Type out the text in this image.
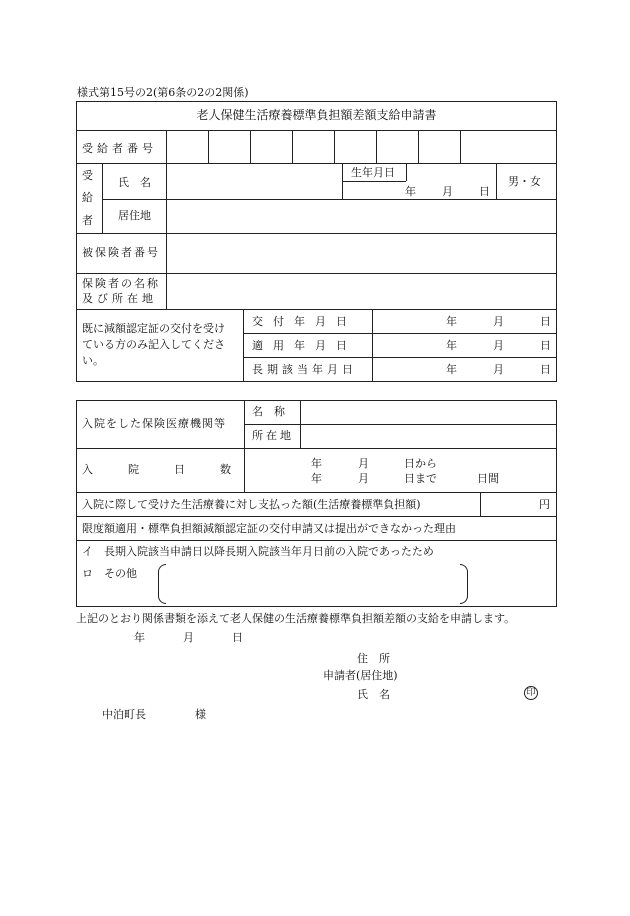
様式第15号の2(第6条の2の2関係)
老人保健生活療養標準負担額差額支給申請書
受給者番号
受
給
者
氏　名
生年月日
年 月 日
男・女
居住地
被保険者番号
保険者の名称
及び所在地
既に減額認定証の交付を受け
ている方のみ記入してくださ
い。
交付年月日	年	月	日
適用年月日	年	月	日
長期該当年月日	年	月	日
入院をした保険医療機関等
名　称
所在地
入　院　日　数	年	月	日から
年	月	日まで	日間
入院に際して受けた生活療養に対し支払った額(生活療養標準負担額)	円
限度額適用・標準負担額減額認定証の交付申請又は提出ができなかった理由
イ　長期入院該当申請日以降長期入院該当年月日前の入院であったため
ロ　その他
上記のとおり関係書類を添えて老人保健の生活療養標準負担額差額の支給を申請します。
年	月	日
住　所
申請者(居住地)
氏　名	印
中泊町長	様
